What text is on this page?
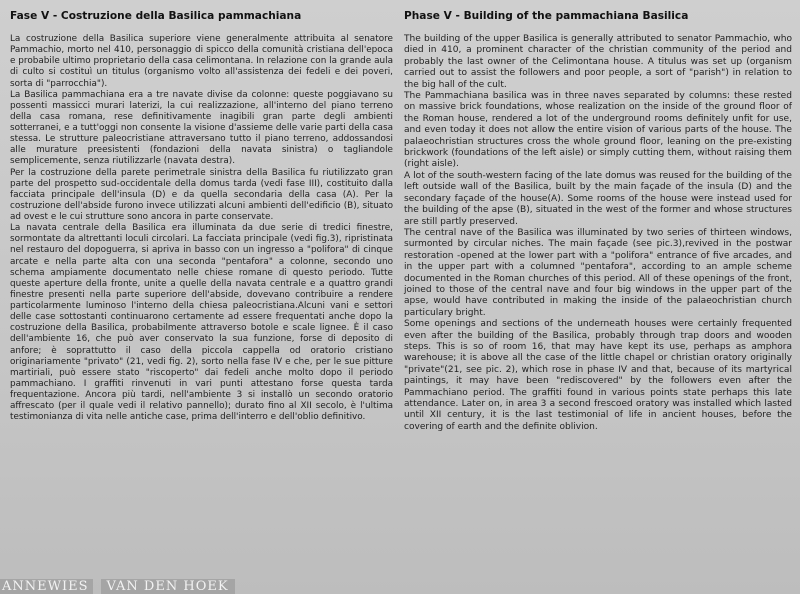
Fase V - Costruzione della Basilica pammachiana

La costruzione della Basilica superiore viene generalmente attribuita al senatore Pammachio, morto nel 410, personaggio di spicco della comunità cristiana dell'epoca e probabile ultimo proprietario della casa celimontana. In relazione con la grande aula di culto si costituì un titulus (organismo volto all'assistenza dei fedeli e dei poveri, sorta di "parrocchia").

La Basilica pammachiana era a tre navate divise da colonne: queste poggiavano su possenti massicci murari laterizi, la cui realizzazione, all'interno del piano terreno della casa romana, rese definitivamente inagibili gran parte degli ambienti sotterranei, e a tutt'oggi non consente la visione d'assieme delle varie parti della casa stessa. Le strutture paleocristiane attraversano tutto il piano terreno, addossandosi alle murature preesistenti (fondazioni della navata sinistra) o tagliandole semplicemente, senza riutilizzarle (navata destra).

Per la costruzione della parete perimetrale sinistra della Basilica fu riutilizzato gran parte del prospetto sud-occidentale della domus tarda (vedi fase III), costituito dalla facciata principale dell'insula (D) e da quella secondaria della casa (A). Per la costruzione dell'abside furono invece utilizzati alcuni ambienti dell'edificio (B), situato ad ovest e le cui strutture sono ancora in parte conservate.

La navata centrale della Basilica era illuminata da due serie di tredici finestre, sormontate da altrettanti loculi circolari. La facciata principale (vedi fig.3), ripristinata nel restauro del dopoguerra, si apriva in basso con un ingresso a "polifora" di cinque arcate e nella parte alta con una seconda "pentafora" a colonne, secondo uno schema ampiamente documentato nelle chiese romane di questo periodo. Tutte queste aperture della fronte, unite a quelle della navata centrale e a quattro grandi finestre presenti nella parte superiore dell'abside, dovevano contribuire a rendere particolarmente luminoso l'interno della chiesa paleocristiana.Alcuni vani e settori delle case sottostanti continuarono certamente ad essere frequentati anche dopo la costruzione della Basilica, probabilmente attraverso botole e scale lignee. È il caso dell'ambiente 16, che può aver conservato la sua funzione, forse di deposito di anfore; è soprattutto il caso della piccola cappella od oratorio cristiano originariamente "privato" (21, vedi fig. 2), sorto nella fase IV e che, per le sue pitture martiriali, può essere stato "riscoperto" dai fedeli anche molto dopo il periodo pammachiano. I graffiti rinvenuti in vari punti attestano forse questa tarda frequentazione. Ancora più tardi, nell'ambiente 3 si installò un secondo oratorio affrescato (per il quale vedi il relativo pannello); durato fino al XII secolo, è l'ultima testimonianza di vita nelle antiche case, prima dell'interro e dell'oblio definitivo.

Phase V - Building of the pammachiana Basilica

The building of the upper Basilica is generally attributed to senator Pammachio, who died in 410, a prominent character of the christian community of the period and probably the last owner of the Celimontana house. A titulus was set up (organism carried out to assist the followers and poor people, a sort of "parish") in relation to the big hall of the cult.

The Pammachiana basilica was in three naves separated by columns: these rested on massive brick foundations, whose realization on the inside of the ground floor of the Roman house, rendered a lot of the underground rooms definitely unfit for use, and even today it does not allow the entire vision of various parts of the house. The palaeochristian structures cross the whole ground floor, leaning on the pre-existing brickwork (foundations of the left aisle) or simply cutting them, without raising them (right aisle).

A lot of the south-western facing of the late domus was reused for the building of the left outside wall of the Basilica, built by the main façade of the insula (D) and the secondary façade of the house(A). Some rooms of the house were instead used for the building of the apse (B), situated in the west of the former and whose structures are still partly preserved.

The central nave of the Basilica was illuminated by two series of thirteen windows, surmonted by circular niches. The main façade (see pic.3),revived in the postwar restoration -opened at the lower part with a "polifora" entrance of five arcades, and in the upper part with a columned "pentafora", according to an ample scheme documented in the Roman churches of this period. All of these openings of the front, joined to those of the central nave and four big windows in the upper part of the apse, would have contributed in making the inside of the palaeochristian church particulary bright.

Some openings and sections of the underneath houses were certainly frequented even after the building of the Basilica, probably through trap doors and wooden steps. This is so of room 16, that may have kept its use, perhaps as amphora warehouse; it is above all the case of the little chapel or christian oratory originally "private"(21, see pic. 2), which rose in phase IV and that, because of its martyrical paintings, it may have been "rediscovered" by the followers even after the Pammachiano period. The graffiti found in various points state perhaps this late attendance. Later on, in area 3 a second frescoed oratory was installed which lasted until XII century, it is the last testimonial of life in ancient houses, before the covering of earth and the definite oblivion.

ANNEWIES	VAN DEN HOEK
